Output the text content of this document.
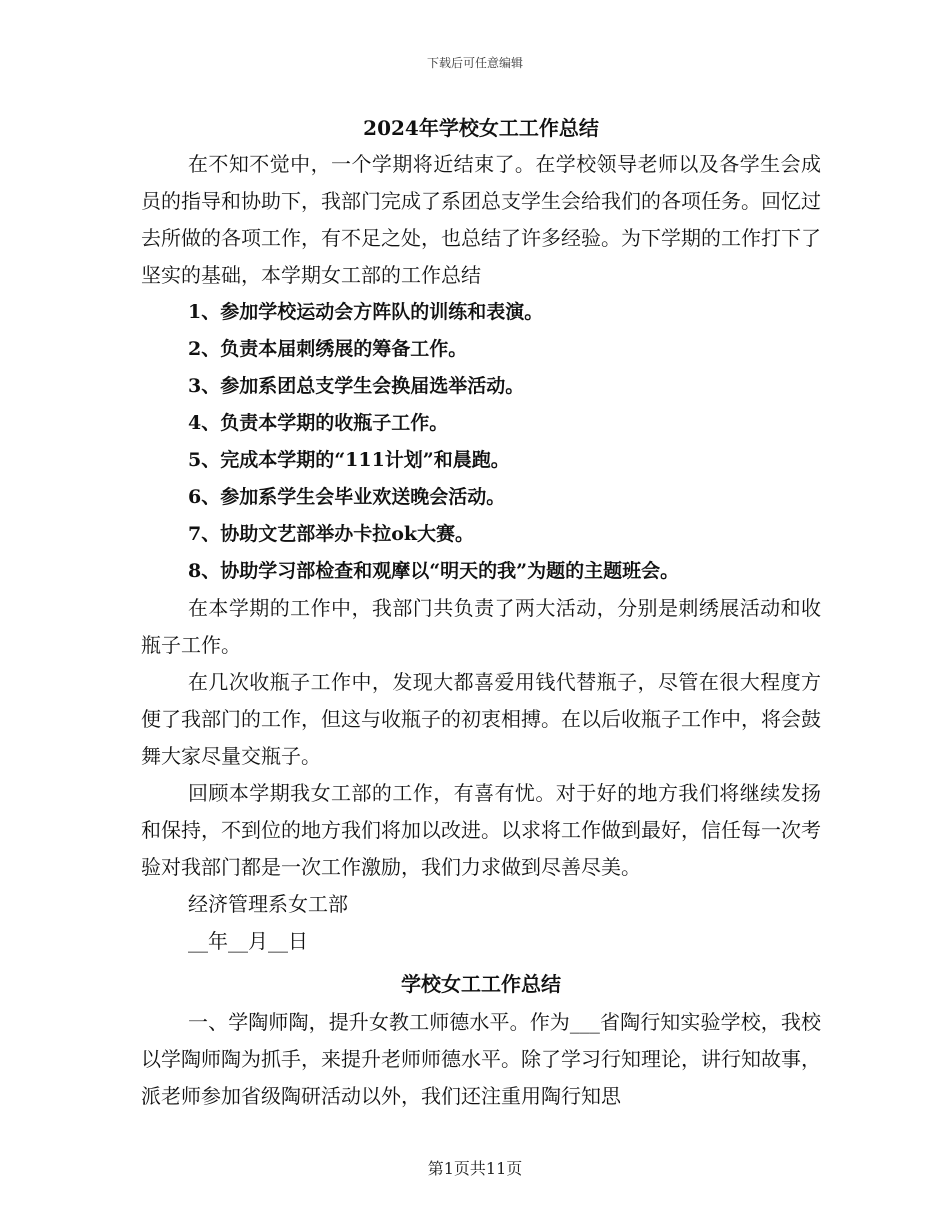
下载后可任意编辑
2024年学校女工工作总结

在不知不觉中，一个学期将近结束了。在学校领导老师以及各学生会成员的指导和协助下，我部门完成了系团总支学生会给我们的各项任务。回忆过去所做的各项工作，有不足之处，也总结了许多经验。为下学期的工作打下了坚实的基础，本学期女工部的工作总结

1、参加学校运动会方阵队的训练和表演。

2、负责本届刺绣展的筹备工作。

3、参加系团总支学生会换届选举活动。

4、负责本学期的收瓶子工作。

5、完成本学期的“111计划”和晨跑。

6、参加系学生会毕业欢送晚会活动。

7、协助文艺部举办卡拉ok大赛。

8、协助学习部检查和观摩以“明天的我”为题的主题班会。

在本学期的工作中，我部门共负责了两大活动，分别是刺绣展活动和收瓶子工作。

在几次收瓶子工作中，发现大都喜爱用钱代替瓶子，尽管在很大程度方便了我部门的工作，但这与收瓶子的初衷相搏。在以后收瓶子工作中，将会鼓舞大家尽量交瓶子。

回顾本学期我女工部的工作，有喜有忧。对于好的地方我们将继续发扬和保持，不到位的地方我们将加以改进。以求将工作做到最好，信任每一次考验对我部门都是一次工作激励，我们力求做到尽善尽美。

经济管理系女工部

__年__月__日

学校女工工作总结

一、学陶师陶，提升女教工师德水平。作为___省陶行知实验学校，我校以学陶师陶为抓手，来提升老师师德水平。除了学习行知理论，讲行知故事，派老师参加省级陶研活动以外，我们还注重用陶行知思

第1页共11页
